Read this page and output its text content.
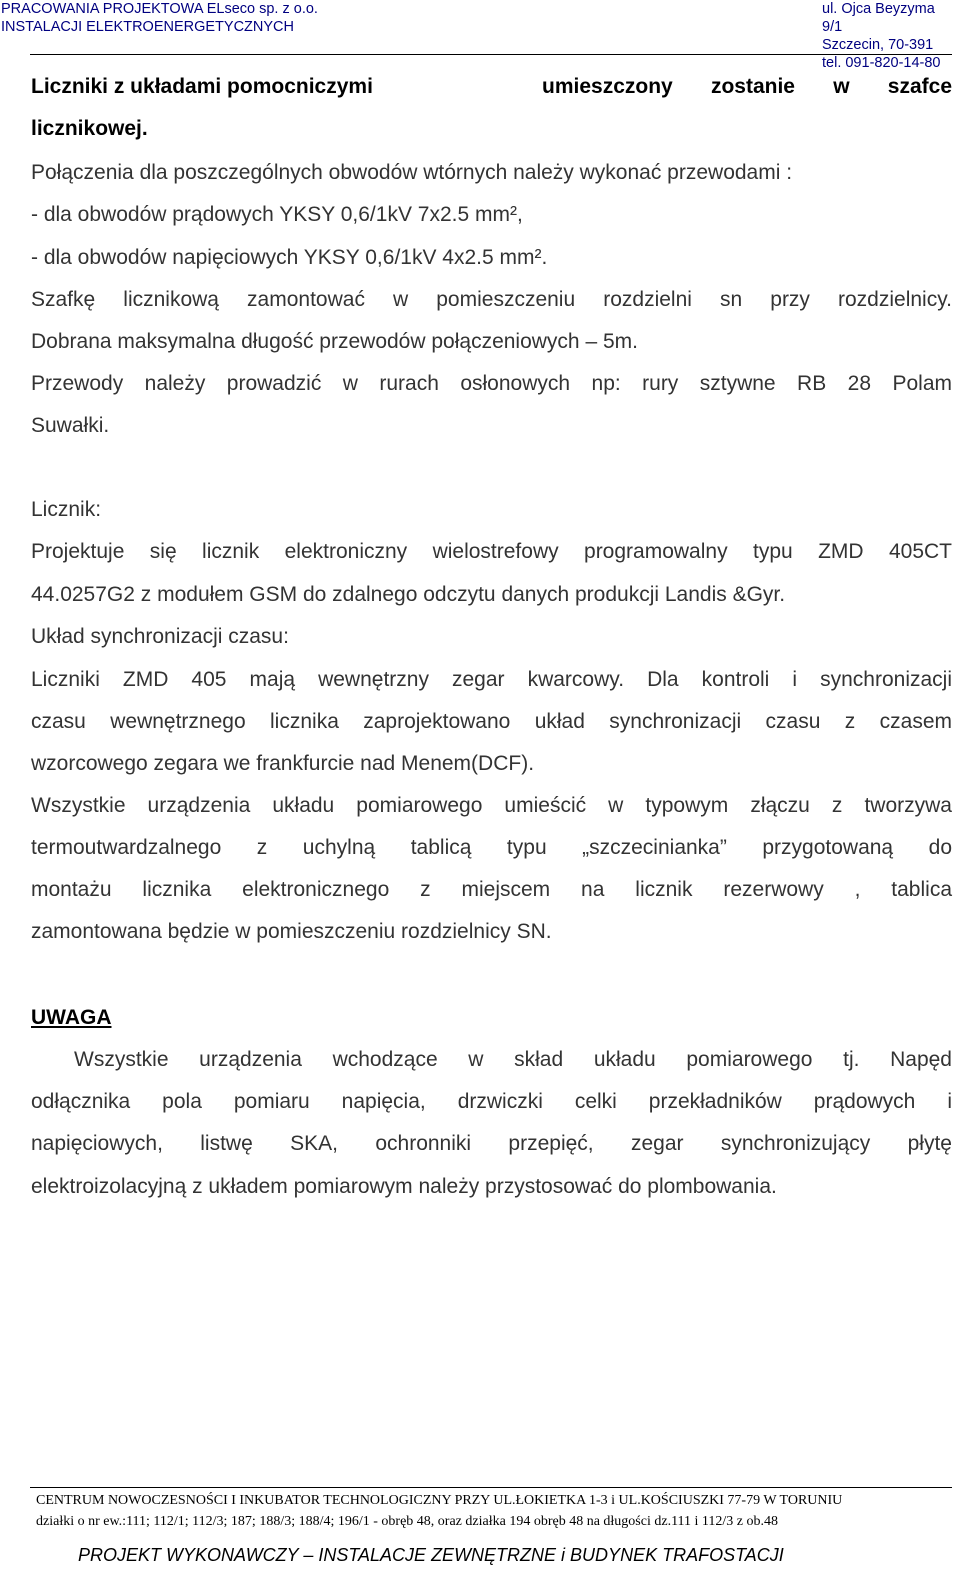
PRACOWANIA PROJEKTOWA ELseco sp. z o.o.
INSTALACJI ELEKTROENERGETYCZNYCH
ul. Ojca Beyzyma 9/1
Szczecin, 70-391
tel. 091-820-14-80
Liczniki z układami pomocniczymi	umieszczony zostanie w szafce
licznikowej.
Połączenia dla poszczególnych obwodów wtórnych należy wykonać przewodami :
- dla obwodów prądowych YKSY 0,6/1kV 7x2.5 mm²,
- dla obwodów napięciowych YKSY 0,6/1kV 4x2.5 mm².
Szafkę licznikową zamontować w pomieszczeniu rozdzielni sn przy rozdzielnicy.
Dobrana maksymalna długość przewodów połączeniowych – 5m.
Przewody należy prowadzić w rurach osłonowych np: rury sztywne RB 28 Polam
Suwałki.
Licznik:
Projektuje się licznik elektroniczny wielostrefowy programowalny typu ZMD 405CT
44.0257G2 z modułem GSM do zdalnego odczytu danych produkcji Landis &Gyr.
Układ synchronizacji czasu:
Liczniki ZMD 405 mają wewnętrzny zegar kwarcowy. Dla kontroli i synchronizacji
czasu wewnętrznego licznika zaprojektowano układ synchronizacji czasu z czasem
wzorcowego zegara we frankfurcie nad Menem(DCF).
Wszystkie urządzenia układu pomiarowego umieścić w typowym złączu z tworzywa
termoutwardzalnego z uchylną tablicą typu „szczecinianka” przygotowaną do
montażu licznika elektronicznego z miejscem na licznik rezerwowy , tablica
zamontowana będzie w pomieszczeniu rozdzielnicy SN.
UWAGA
Wszystkie urządzenia wchodzące w skład układu pomiarowego tj. Napęd
odłącznika pola pomiaru napięcia, drzwiczki celki przekładników prądowych i
napięciowych, listwę SKA, ochronniki przepięć, zegar synchronizujący płytę
elektroizolacyjną z układem pomiarowym należy przystosować do plombowania.
CENTRUM NOWOCZESNOŚCI I INKUBATOR TECHNOLOGICZNY PRZY UL.ŁOKIETKA 1-3 i UL.KOŚCIUSZKI 77-79 W TORUNIU
działki o nr ew.:111; 112/1; 112/3; 187; 188/3; 188/4; 196/1 - obręb 48, oraz działka 194 obręb 48 na długości dz.111 i 112/3 z ob.48
PROJEKT WYKONAWCZY – INSTALACJE ZEWNĘTRZNE i BUDYNEK TRAFOSTACJI
